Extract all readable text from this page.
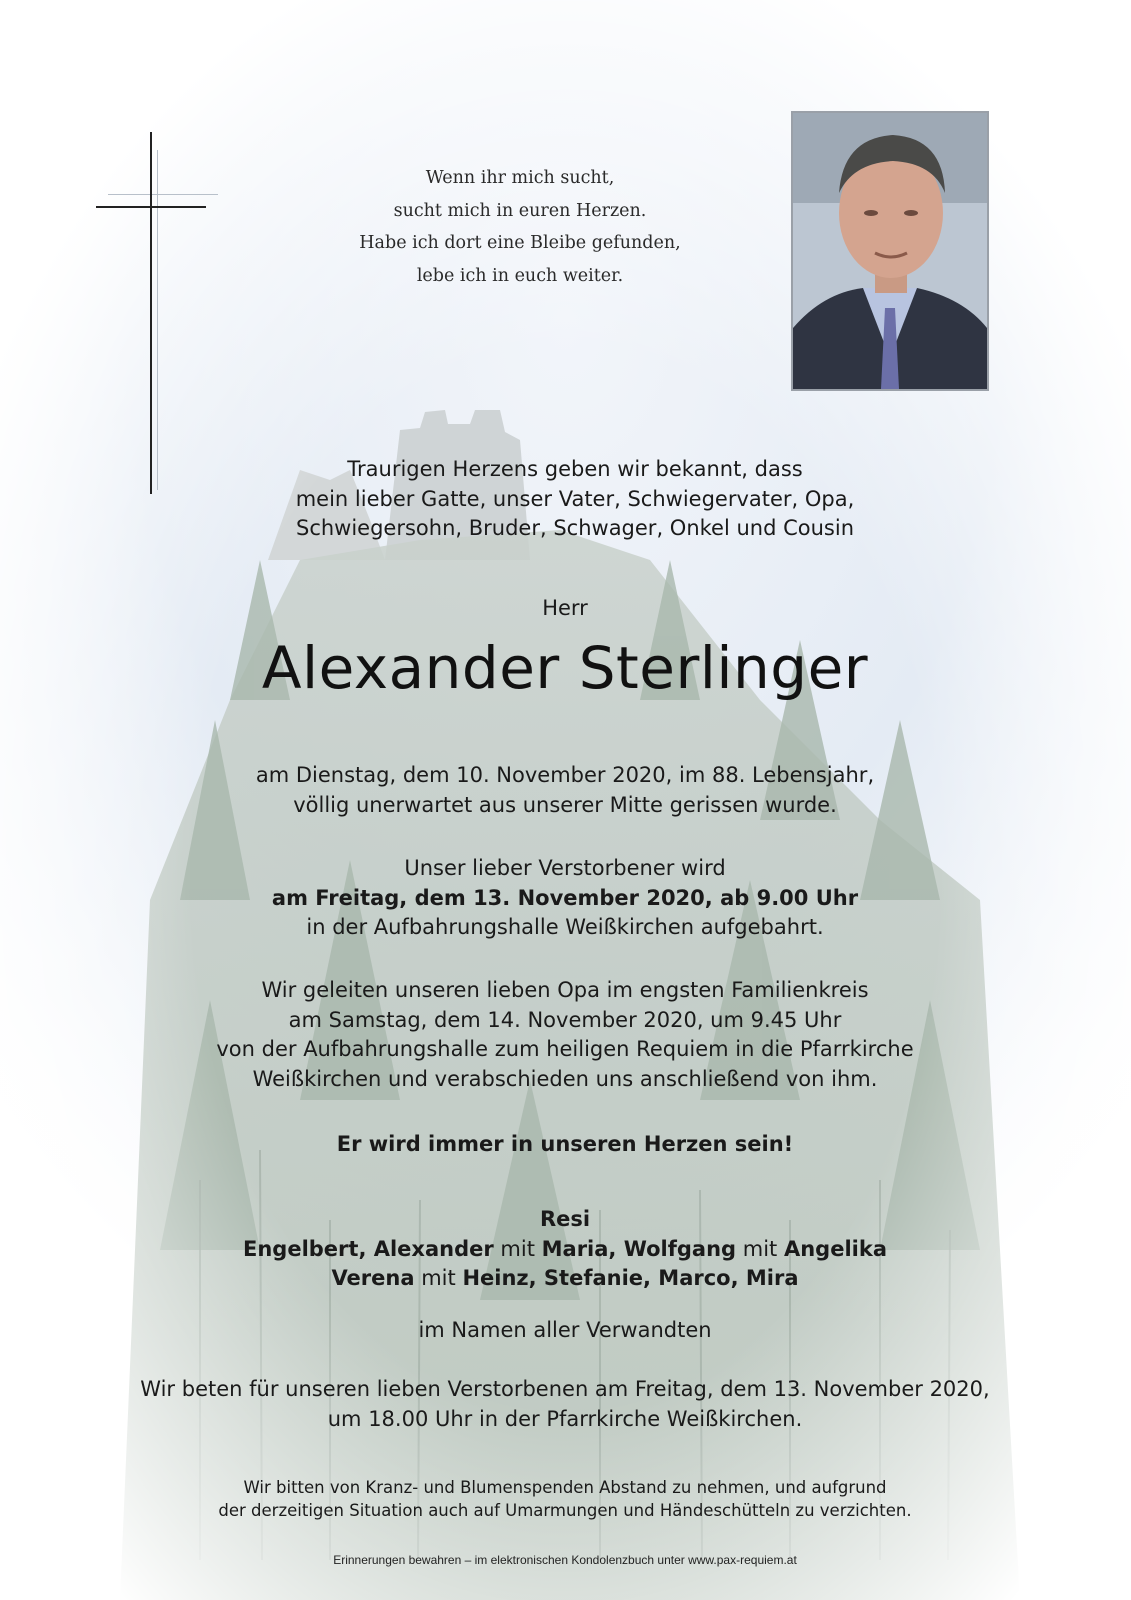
Wenn ihr mich sucht,
sucht mich in euren Herzen.
Habe ich dort eine Bleibe gefunden,
lebe ich in euch weiter.
Traurigen Herzens geben wir bekannt, dass
mein lieber Gatte, unser Vater, Schwiegervater, Opa,
Schwiegersohn, Bruder, Schwager, Onkel und Cousin
Herr
Alexander Sterlinger
am Dienstag, dem 10. November 2020, im 88. Lebensjahr,
völlig unerwartet aus unserer Mitte gerissen wurde.
Unser lieber Verstorbener wird
am Freitag, dem 13. November 2020, ab 9.00 Uhr
in der Aufbahrungshalle Weißkirchen aufgebahrt.
Wir geleiten unseren lieben Opa im engsten Familienkreis
am Samstag, dem 14. November 2020, um 9.45 Uhr
von der Aufbahrungshalle zum heiligen Requiem in die Pfarrkirche
Weißkirchen und verabschieden uns anschließend von ihm.
Er wird immer in unseren Herzen sein!
Resi
Engelbert, Alexander mit Maria, Wolfgang mit Angelika
Verena mit Heinz, Stefanie, Marco, Mira
im Namen aller Verwandten
Wir beten für unseren lieben Verstorbenen am Freitag, dem 13. November 2020,
um 18.00 Uhr in der Pfarrkirche Weißkirchen.
Wir bitten von Kranz- und Blumenspenden Abstand zu nehmen, und aufgrund
der derzeitigen Situation auch auf Umarmungen und Händeschütteln zu verzichten.
Erinnerungen bewahren – im elektronischen Kondolenzbuch unter www.pax-requiem.at
